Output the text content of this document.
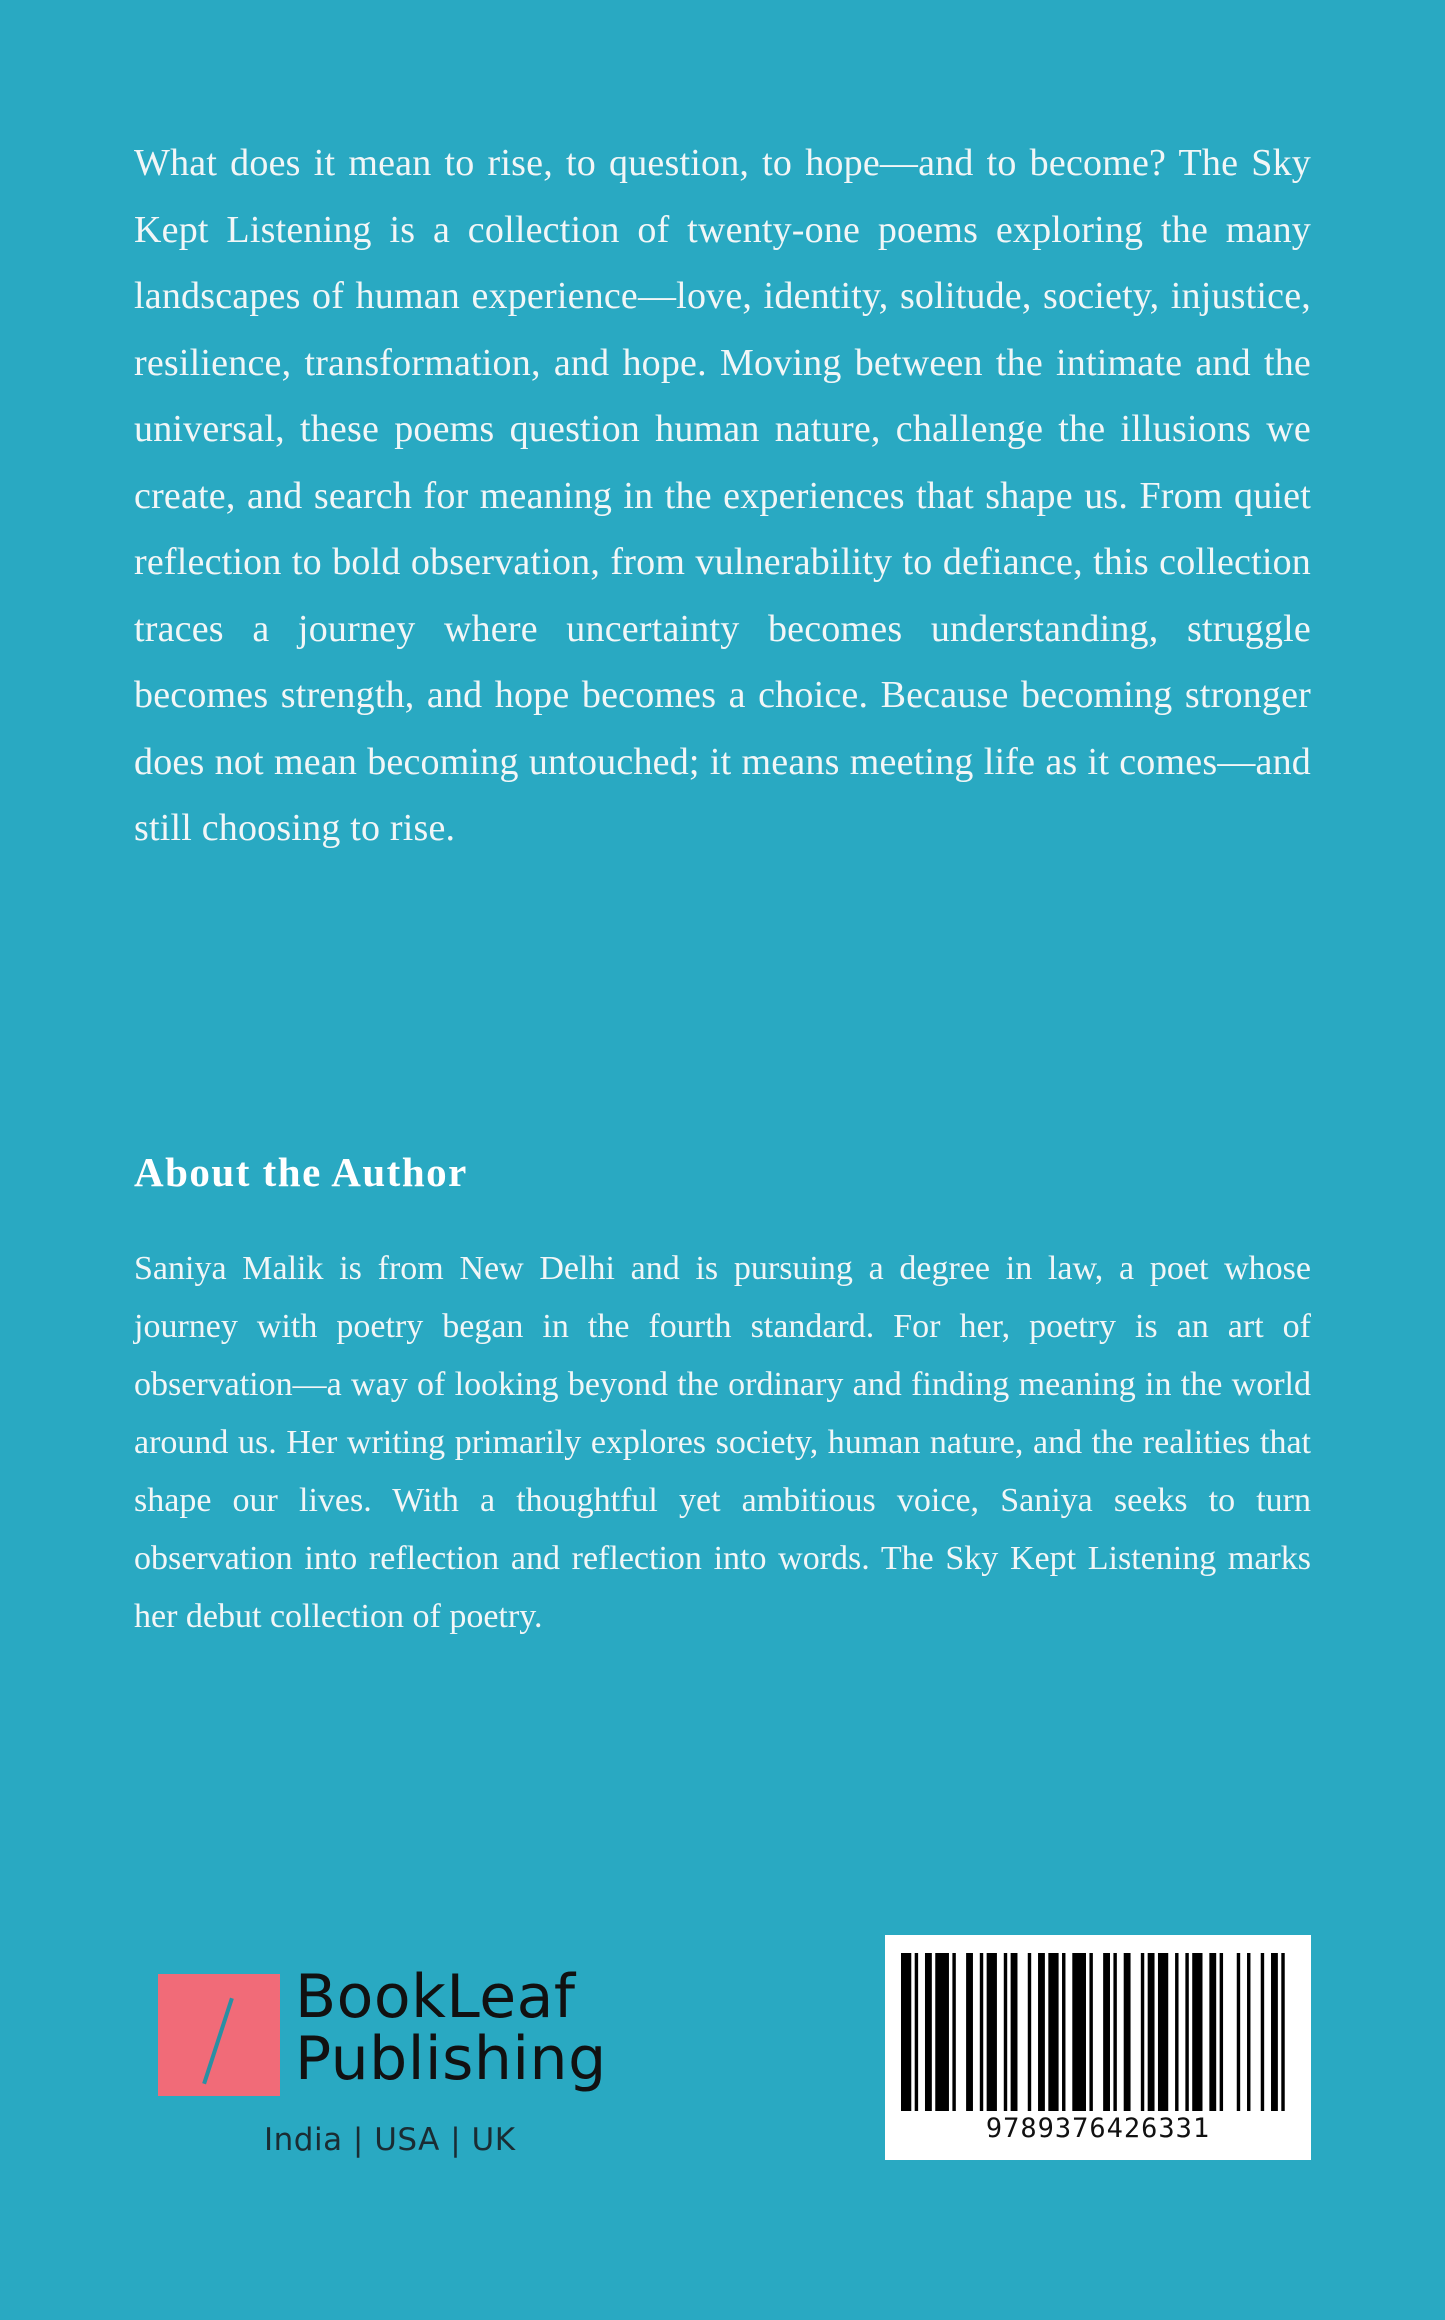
What does it mean to rise, to question, to hope—and to become? The Sky Kept Listening is a collection of twenty-one poems exploring the many landscapes of human experience—love, identity, solitude, society, injustice, resilience, transformation, and hope. Moving between the intimate and the universal, these poems question human nature, challenge the illusions we create, and search for meaning in the experiences that shape us. From quiet reflection to bold observation, from vulnerability to defiance, this collection traces a journey where uncertainty becomes understanding, struggle becomes strength, and hope becomes a choice. Because becoming stronger does not mean becoming untouched; it means meeting life as it comes—and still choosing to rise.

About the Author

Saniya Malik is from New Delhi and is pursuing a degree in law, a poet whose journey with poetry began in the fourth standard. For her, poetry is an art of observation—a way of looking beyond the ordinary and finding meaning in the world around us. Her writing primarily explores society, human nature, and the realities that shape our lives. With a thoughtful yet ambitious voice, Saniya seeks to turn observation into reflection and reflection into words. The Sky Kept Listening marks her debut collection of poetry.

BookLeaf
Publishing
India | USA | UK	9789376426331
